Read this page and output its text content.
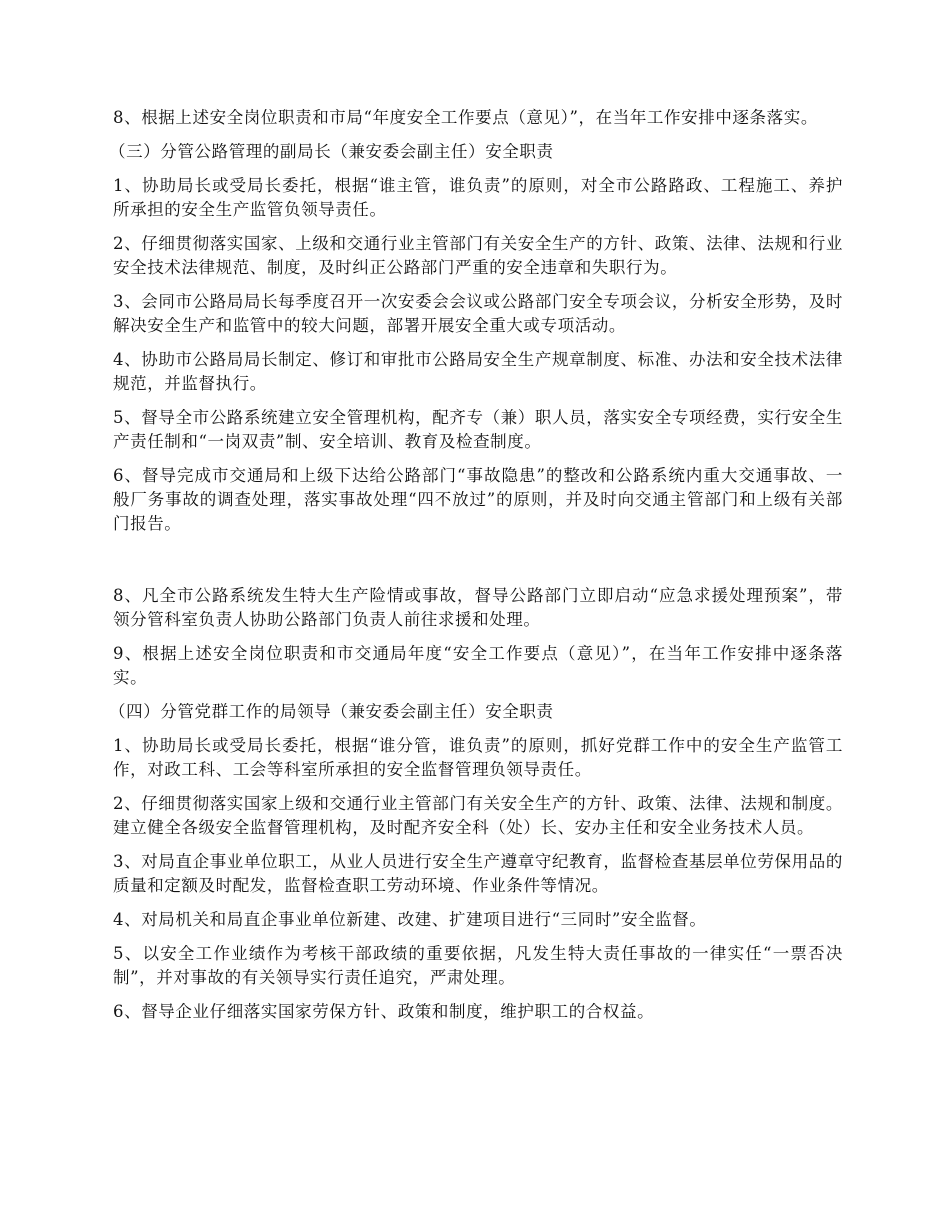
8、根据上述安全岗位职责和市局“年度安全工作要点（意见）”，在当年工作安排中逐条落实。

（三）分管公路管理的副局长（兼安委会副主任）安全职责

1、协助局长或受局长委托，根据“谁主管，谁负责”的原则，对全市公路路政、工程施工、养护所承担的安全生产监管负领导责任。

2、仔细贯彻落实国家、上级和交通行业主管部门有关安全生产的方针、政策、法律、法规和行业安全技术法律规范、制度，及时纠正公路部门严重的安全违章和失职行为。

3、会同市公路局局长每季度召开一次安委会会议或公路部门安全专项会议，分析安全形势，及时解决安全生产和监管中的较大问题，部署开展安全重大或专项活动。

4、协助市公路局局长制定、修订和审批市公路局安全生产规章制度、标准、办法和安全技术法律规范，并监督执行。

5、督导全市公路系统建立安全管理机构，配齐专（兼）职人员，落实安全专项经费，实行安全生产责任制和“一岗双责”制、安全培训、教育及检查制度。

6、督导完成市交通局和上级下达给公路部门“事故隐患”的整改和公路系统内重大交通事故、一般厂务事故的调查处理，落实事故处理“四不放过”的原则，并及时向交通主管部门和上级有关部门报告。

8、凡全市公路系统发生特大生产险情或事故，督导公路部门立即启动“应急求援处理预案”，带领分管科室负责人协助公路部门负责人前往求援和处理。

9、根据上述安全岗位职责和市交通局年度“安全工作要点（意见）”，在当年工作安排中逐条落实。

（四）分管党群工作的局领导（兼安委会副主任）安全职责

1、协助局长或受局长委托，根据“谁分管，谁负责”的原则，抓好党群工作中的安全生产监管工作，对政工科、工会等科室所承担的安全监督管理负领导责任。

2、仔细贯彻落实国家上级和交通行业主管部门有关安全生产的方针、政策、法律、法规和制度。建立健全各级安全监督管理机构，及时配齐安全科（处）长、安办主任和安全业务技术人员。

3、对局直企事业单位职工，从业人员进行安全生产遵章守纪教育，监督检查基层单位劳保用品的质量和定额及时配发，监督检查职工劳动环境、作业条件等情况。

4、对局机关和局直企事业单位新建、改建、扩建项目进行“三同时”安全监督。

5、以安全工作业绩作为考核干部政绩的重要依据，凡发生特大责任事故的一律实任“一票否决制”，并对事故的有关领导实行责任追究，严肃处理。

6、督导企业仔细落实国家劳保方针、政策和制度，维护职工的合权益。
